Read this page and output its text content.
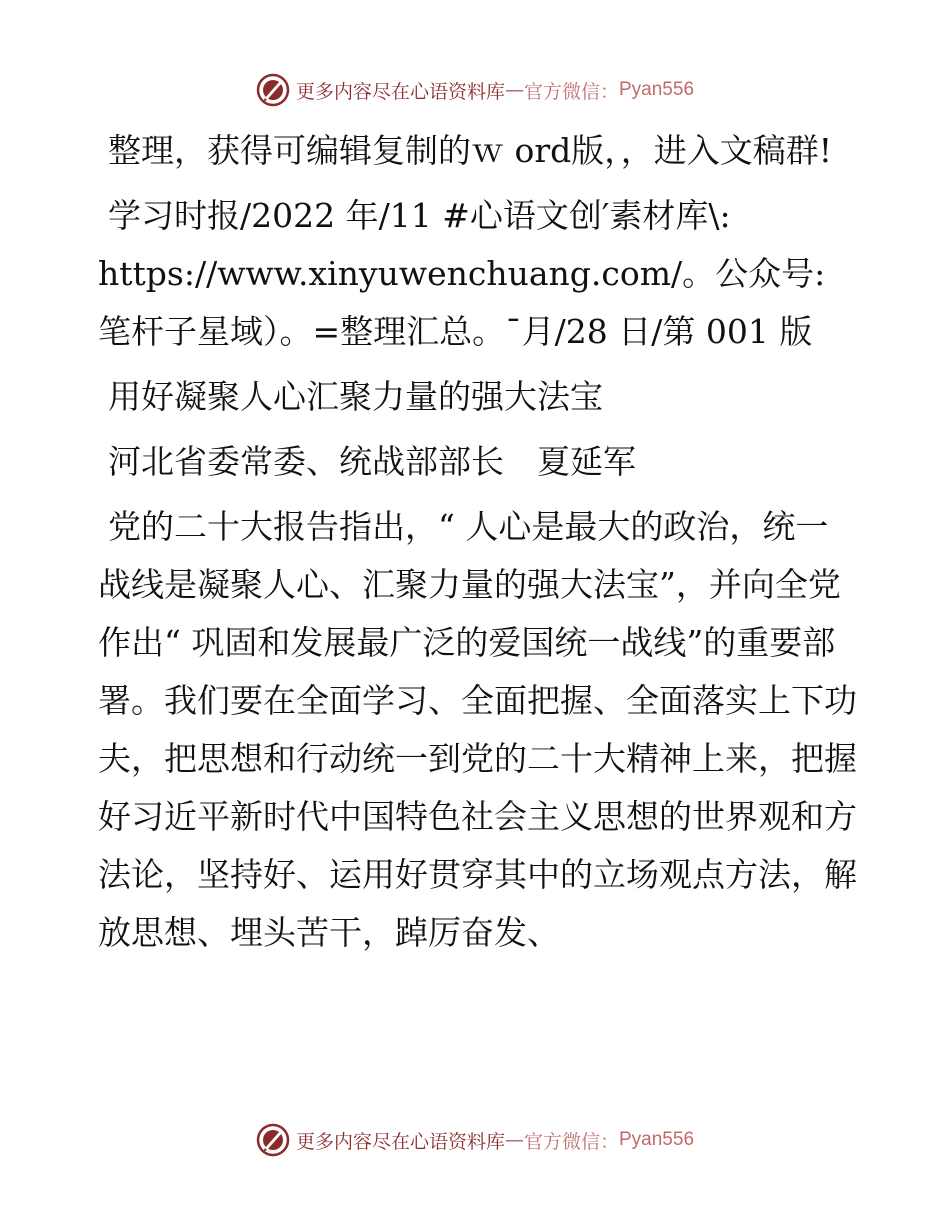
更多内容尽在心语资料库 — 官方微信： Pyan556

整理，获得可编辑复制的ｗ ord版，，进入文稿群!

学习时报/2022 年/11 #心语文创′素材库\: https://www.xinyuwenchuang.com/。公众号: 笔杆子星域）。=整理汇总。¯月/28 日/第 001 版

用好凝聚人心汇聚力量的强大法宝

河北省委常委、统战部部长　夏延军

党的二十大报告指出，“ 人心是最大的政治，统一战线是凝聚人心、汇聚力量的强大法宝”，并向全党作出“ 巩固和发展最广泛的爱国统一战线”的重要部署。我们要在全面学习、全面把握、全面落实上下功夫，把思想和行动统一到党的二十大精神上来，把握好习近平新时代中国特色社会主义思想的世界观和方法论，坚持好、运用好贯穿其中的立场观点方法，解放思想、埋头苦干，踔厉奋发、

更多内容尽在心语资料库 — 官方微信： Pyan556
